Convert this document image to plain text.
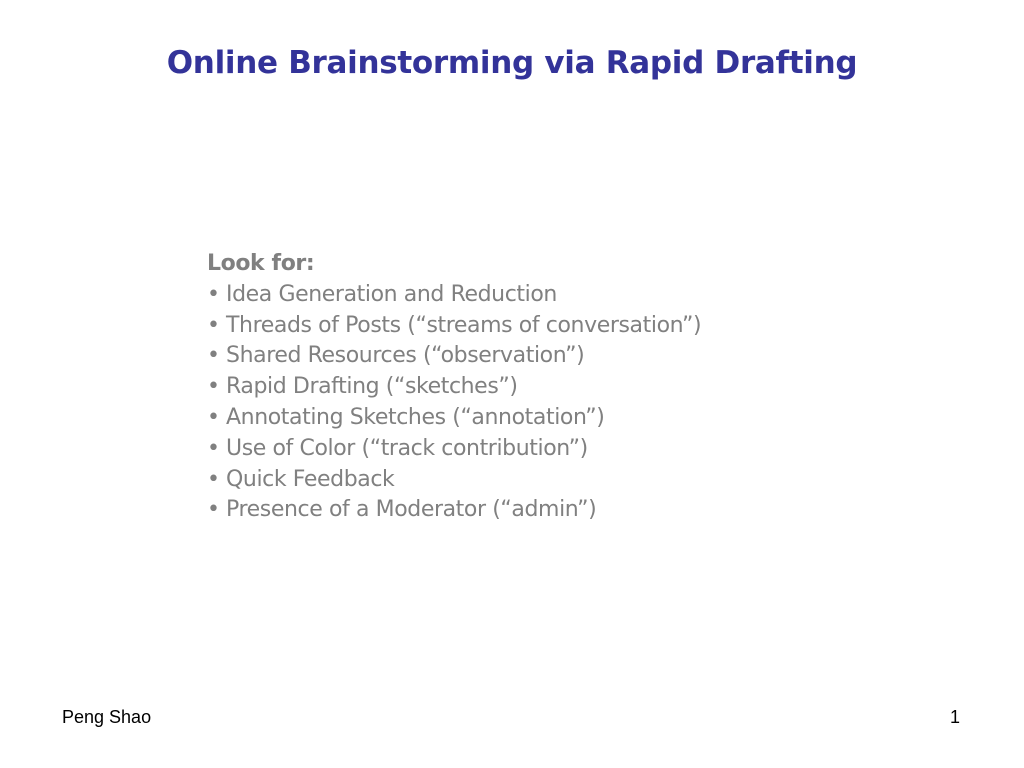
Online Brainstorming via Rapid Drafting
Look for:
• Idea Generation and Reduction
• Threads of Posts (“streams of conversation”)
• Shared Resources (“observation”)
• Rapid Drafting (“sketches”)
• Annotating Sketches (“annotation”)
• Use of Color (“track contribution”)
• Quick Feedback
• Presence of a Moderator (“admin”)
Peng Shao	1
